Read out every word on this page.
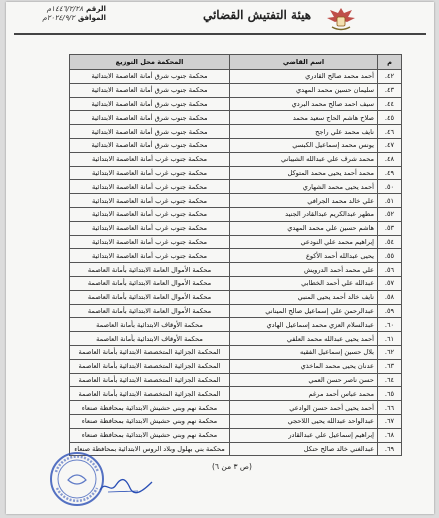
هيئة التفتيش القضائي
الرقم
١٤٤٦/٢/٢٨م
الموافق
٢٠٢٤/٩/٢م
م	اسم القاضي	المحكمة محل التوزيع
.٤٢	أحمد محمد صالح القادري	محكمة جنوب شرق أمانة العاصمة الابتدائية
.٤٣	سليمان حسين محمد المهدي	محكمة جنوب شرق أمانة العاصمة الابتدائية
.٤٤	سيف احمد صالح محمد البردي	محكمة جنوب شرق أمانة العاصمة الابتدائية
.٤٥	صلاح هاشم الحاج سعيد محمد	محكمة جنوب شرق أمانة العاصمة الابتدائية
.٤٦	نايف محمد علي راجح	محكمة جنوب شرق أمانة العاصمة الابتدائية
.٤٧	يونس محمد إسماعيل الكبسي	محكمة جنوب شرق أمانة العاصمة الابتدائية
.٤٨	محمد شرف علي عبدالله الشيباني	محكمة جنوب غرب أمانة العاصمة الابتدائية
.٤٩	محمد أحمد يحيى محمد المتوكل	محكمة جنوب غرب أمانة العاصمة الابتدائية
.٥٠	أحمد يحيى محمد الشهاري	محكمة جنوب غرب أمانة العاصمة الابتدائية
.٥١	علي خالد محمد الجرافي	محكمة جنوب غرب أمانة العاصمة الابتدائية
.٥٢	مطهر عبدالكريم عبدالقادر الجنيد	محكمة جنوب غرب أمانة العاصمة الابتدائية
.٥٣	هاشم حسين علي محمد المهدي	محكمة جنوب غرب أمانة العاصمة الابتدائية
.٥٤	إبراهيم محمد علي النودعي	محكمة جنوب غرب أمانة العاصمة الابتدائية
.٥٥	يحيى عبدالله أحمد الأكوع	محكمة جنوب غرب أمانة العاصمة الابتدائية
.٥٦	علي محمد أحمد الدرويش	محكمة الأموال العامة الابتدائية بأمانة العاصمة
.٥٧	عبدالله علي أحمد الخطابي	محكمة الأموال العامة الابتدائية بأمانة العاصمة
.٥٨	نايف خالد أحمد يحيى المنبي	محكمة الأموال العامة الابتدائية بأمانة العاصمة
.٥٩	عبدالرحمن علي إسماعيل صالح الميناني	محكمة الأموال العامة الابتدائية بأمانة العاصمة
.٦٠	عبدالسلام العزي محمد إسماعيل الهادي	محكمة الأوقاف الابتدائية بأمانة العاصمة
.٦١	أحمد يحيى عبدالله محمد العلفي	محكمة الأوقاف الابتدائية بأمانة العاصمة
.٦٢	بلال حسين إسماعيل الفقيه	المحكمة الجزائية المتخصصة الابتدائية بأمانة العاصمة
.٦٣	عدنان يحيى محمد الماخذي	المحكمة الجزائية المتخصصة الابتدائية بأمانة العاصمة
.٦٤	حسن ناصر حسن العمي	المحكمة الجزائية المتخصصة الابتدائية بأمانة العاصمة
.٦٥	محمد عباس أحمد مرغم	المحكمة الجزائية المتخصصة الابتدائية بأمانة العاصمة
.٦٦	أحمد يحيى أحمد حسن الوادعي	محكمة نهم وبني حشيش الابتدائية بمحافظة صنعاء
.٦٧	عبدالواحد عبدالله يحيى اللاحجي	محكمة نهم وبني حشيش الابتدائية بمحافظة صنعاء
.٦٨	إبراهيم إسماعيل علي عبدالقادر	محكمة نهم وبني حشيش الابتدائية بمحافظة صنعاء
.٦٩	عبدالغني خالد صالح حنكل	محكمة بني بهلول وبلاد الروس الابتدائية بمحافظة صنعاء
(ص ٣ من ٦)
